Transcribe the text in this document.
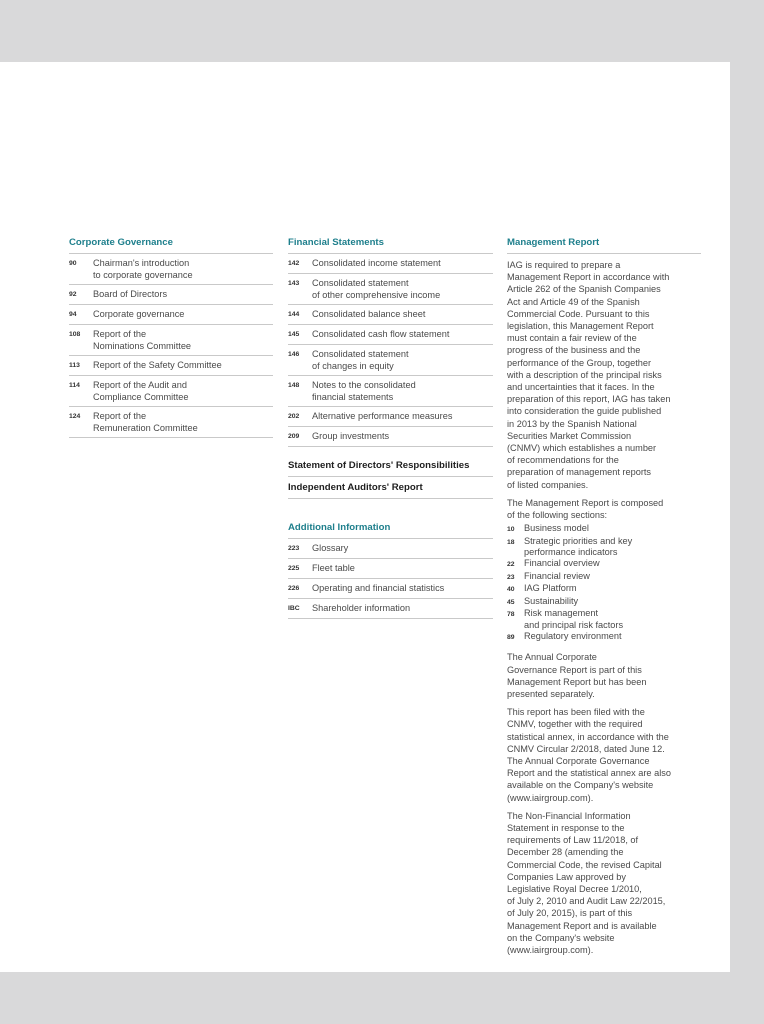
Corporate Governance
90	Chairman's introduction
to corporate governance
92	Board of Directors
94	Corporate governance
108	Report of the
Nominations Committee
113	Report of the Safety Committee
114	Report of the Audit and
Compliance Committee
124	Report of the
Remuneration Committee
Financial Statements
142	Consolidated income statement
143	Consolidated statement
of other comprehensive income
144	Consolidated balance sheet
145	Consolidated cash flow statement
146	Consolidated statement
of changes in equity
148	Notes to the consolidated
financial statements
202	Alternative performance measures
209	Group investments
Statement of Directors' Responsibilities
Independent Auditors' Report
Additional Information
223	Glossary
225	Fleet table
226	Operating and financial statistics
IBC	Shareholder information
Management Report

IAG is required to prepare a
Management Report in accordance with
Article 262 of the Spanish Companies
Act and Article 49 of the Spanish
Commercial Code. Pursuant to this
legislation, this Management Report
must contain a fair review of the
progress of the business and the
performance of the Group, together
with a description of the principal risks
and uncertainties that it faces. In the
preparation of this report, IAG has taken
into consideration the guide published
in 2013 by the Spanish National
Securities Market Commission
(CNMV) which establishes a number
of recommendations for the
preparation of management reports
of listed companies.

The Management Report is composed
of the following sections:

10	Business model
18	Strategic priorities and key
performance indicators
22	Financial overview
23	Financial review
40	IAG Platform
45	Sustainability
78	Risk management
and principal risk factors
89	Regulatory environment

The Annual Corporate
Governance Report is part of this
Management Report but has been
presented separately.

This report has been filed with the
CNMV, together with the required
statistical annex, in accordance with the
CNMV Circular 2/2018, dated June 12.
The Annual Corporate Governance
Report and the statistical annex are also
available on the Company's website
(www.iairgroup.com).

The Non-Financial Information
Statement in response to the
requirements of Law 11/2018, of
December 28 (amending the
Commercial Code, the revised Capital
Companies Law approved by
Legislative Royal Decree 1/2010,
of July 2, 2010 and Audit Law 22/2015,
of July 20, 2015), is part of this
Management Report and is available
on the Company's website
(www.iairgroup.com).
